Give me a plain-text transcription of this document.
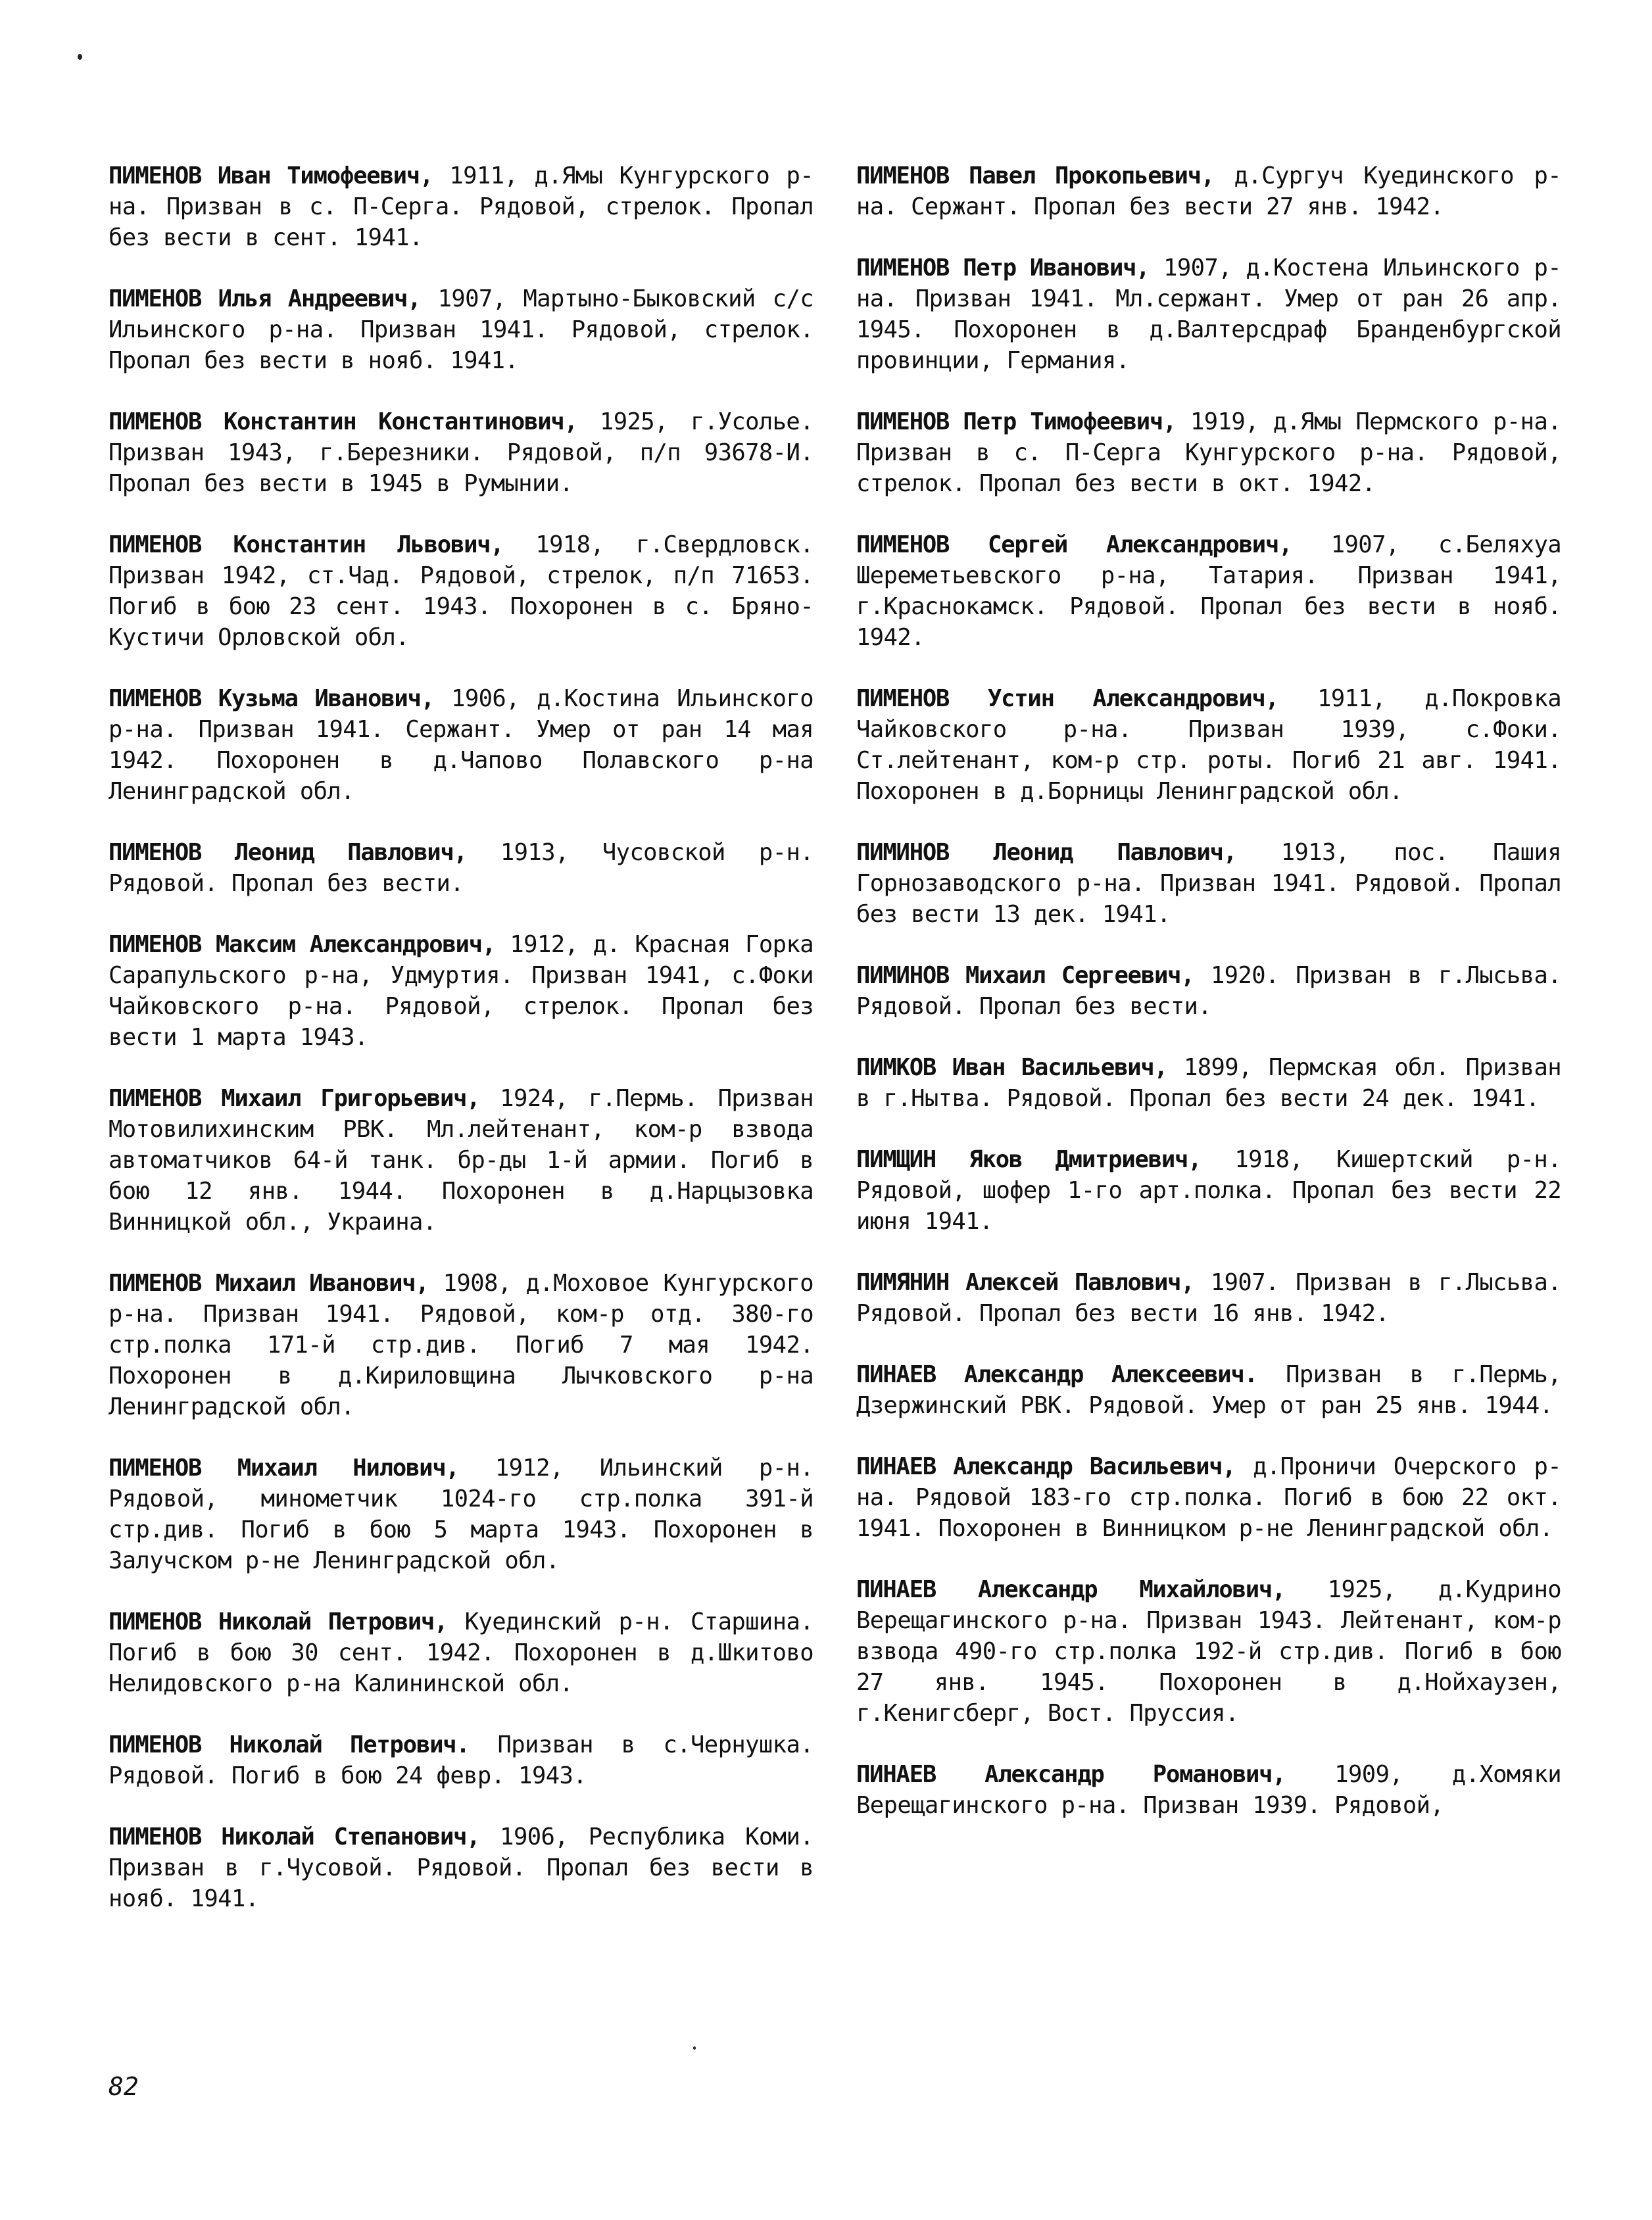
ПИМЕНОВ Иван Тимофеевич, 1911, д.Ямы Кунгурского р-на. Призван в с. П-Серга. Рядовой, стрелок. Пропал без вести в сент. 1941.

ПИМЕНОВ Илья Андреевич, 1907, Мартыно-Быковский с/с Ильинского р-на. Призван 1941. Рядовой, стрелок. Пропал без вести в нояб. 1941.

ПИМЕНОВ Константин Константинович, 1925, г.Усолье. Призван 1943, г.Березники. Рядовой, п/п 93678-И. Пропал без вести в 1945 в Румынии.

ПИМЕНОВ Константин Львович, 1918, г.Свердловск. Призван 1942, ст.Чад. Рядовой, стрелок, п/п 71653. Погиб в бою 23 сент. 1943. Похоронен в с. Бряно-Кустичи Орловской обл.

ПИМЕНОВ Кузьма Иванович, 1906, д.Костина Ильинского р-на. Призван 1941. Сержант. Умер от ран 14 мая 1942. Похоронен в д.Чапово Полавского р-на Ленинградской обл.

ПИМЕНОВ Леонид Павлович, 1913, Чусовской р-н. Рядовой. Пропал без вести.

ПИМЕНОВ Максим Александрович, 1912, д. Красная Горка Сарапульского р-на, Удмуртия. Призван 1941, с.Фоки Чайковского р-на. Рядовой, стрелок. Пропал без вести 1 марта 1943.

ПИМЕНОВ Михаил Григорьевич, 1924, г.Пермь. Призван Мотовилихинским РВК. Мл.лейтенант, ком-р взвода автоматчиков 64-й танк. бр-ды 1-й армии. Погиб в бою 12 янв. 1944. Похоронен в д.Нарцызовка Винницкой обл., Украина.

ПИМЕНОВ Михаил Иванович, 1908, д.Моховое Кунгурского р-на. Призван 1941. Рядовой, ком-р отд. 380-го стр.полка 171-й стр.див. Погиб 7 мая 1942. Похоронен в д.Кириловщина Лычковского р-на Ленинградской обл.

ПИМЕНОВ Михаил Нилович, 1912, Ильинский р-н. Рядовой, минометчик 1024-го стр.полка 391-й стр.див. Погиб в бою 5 марта 1943. Похоронен в Залучском р-не Ленинградской обл.

ПИМЕНОВ Николай Петрович, Куединский р-н. Старшина. Погиб в бою 30 сент. 1942. Похоронен в д.Шкитово Нелидовского р-на Калининской обл.

ПИМЕНОВ Николай Петрович. Призван в с.Чернушка. Рядовой. Погиб в бою 24 февр. 1943.

ПИМЕНОВ Николай Степанович, 1906, Республика Коми. Призван в г.Чусовой. Рядовой. Пропал без вести в нояб. 1941.

ПИМЕНОВ Павел Прокопьевич, д.Сургуч Куединского р-на. Сержант. Пропал без вести 27 янв. 1942.

ПИМЕНОВ Петр Иванович, 1907, д.Костена Ильинского р-на. Призван 1941. Мл.сержант. Умер от ран 26 апр. 1945. Похоронен в д.Валтерсдраф Бранденбургской провинции, Германия.

ПИМЕНОВ Петр Тимофеевич, 1919, д.Ямы Пермского р-на. Призван в с. П-Серга Кунгурского р-на. Рядовой, стрелок. Пропал без вести в окт. 1942.

ПИМЕНОВ Сергей Александрович, 1907, с.Беляхуа Шереметьевского р-на, Татария. Призван 1941, г.Краснокамск. Рядовой. Пропал без вести в нояб. 1942.

ПИМЕНОВ Устин Александрович, 1911, д.Покровка Чайковского р-на. Призван 1939, с.Фоки. Ст.лейтенант, ком-р стр. роты. Погиб 21 авг. 1941. Похоронен в д.Борницы Ленинградской обл.

ПИМИНОВ Леонид Павлович, 1913, пос. Пашия Горнозаводского р-на. Призван 1941. Рядовой. Пропал без вести 13 дек. 1941.

ПИМИНОВ Михаил Сергеевич, 1920. Призван в г.Лысьва. Рядовой. Пропал без вести.

ПИМКОВ Иван Васильевич, 1899, Пермская обл. Призван в г.Нытва. Рядовой. Пропал без вести 24 дек. 1941.

ПИМЩИН Яков Дмитриевич, 1918, Кишертский р-н. Рядовой, шофер 1-го арт.полка. Пропал без вести 22 июня 1941.

ПИМЯНИН Алексей Павлович, 1907. Призван в г.Лысьва. Рядовой. Пропал без вести 16 янв. 1942.

ПИНАЕВ Александр Алексеевич. Призван в г.Пермь, Дзержинский РВК. Рядовой. Умер от ран 25 янв. 1944.

ПИНАЕВ Александр Васильевич, д.Проничи Очерского р-на. Рядовой 183-го стр.полка. Погиб в бою 22 окт. 1941. Похоронен в Винницком р-не Ленинградской обл.

ПИНАЕВ Александр Михайлович, 1925, д.Кудрино Верещагинского р-на. Призван 1943. Лейтенант, ком-р взвода 490-го стр.полка 192-й стр.див. Погиб в бою 27 янв. 1945. Похоронен в д.Нойхаузен, г.Кенигсберг, Вост. Пруссия.

ПИНАЕВ Александр Романович, 1909, д.Хомяки Верещагинского р-на. Призван 1939. Рядовой,

82
